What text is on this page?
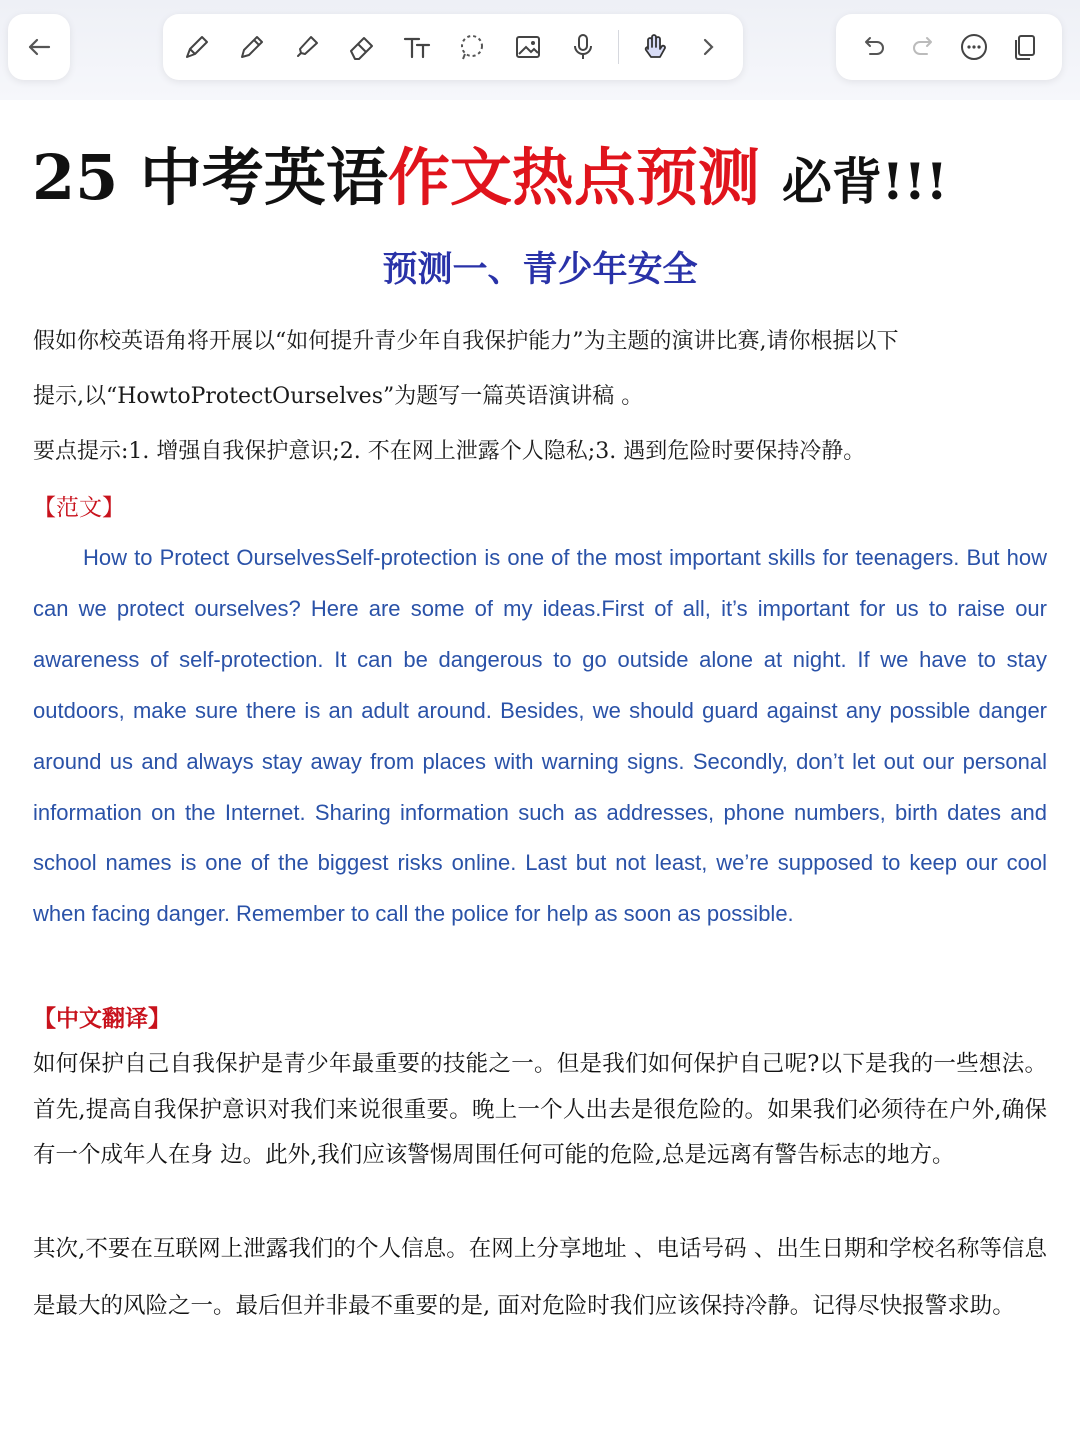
25 中考英语作文热点预测 必背!!!
预测一、青少年安全
假如你校英语角将开展以“如何提升青少年自我保护能力”为主题的演讲比赛,请你根据以下
提示,以“HowtoProtectOurselves”为题写一篇英语演讲稿 。
要点提示:1. 增强自我保护意识;2. 不在网上泄露个人隐私;3. 遇到危险时要保持冷静。
【范文】

How to Protect OurselvesSelf-protection is one of the most important skills for teenagers. But how can we protect ourselves? Here are some of my ideas.First of all, it’s important for us to raise our awareness of self-protection. It can be dangerous to go outside alone at night. If we have to stay outdoors, make sure there is an adult around. Besides, we should guard against any possible danger around us and always stay away from places with warning signs. Secondly, don’t let out our personal information on the Internet. Sharing information such as addresses, phone numbers, birth dates and school names is one of the biggest risks online. Last but not least, we’re supposed to keep our cool when facing danger. Remember to call the police for help as soon as possible.

【中文翻译】

如何保护自己自我保护是青少年最重要的技能之一。但是我们如何保护自己呢?以下是我的一些想法。首先,提高自我保护意识对我们来说很重要。晚上一个人出去是很危险的。如果我们必须待在户外,确保有一个成年人在身 边。此外,我们应该警惕周围任何可能的危险,总是远离有警告标志的地方。

其次,不要在互联网上泄露我们的个人信息。在网上分享地址 、电话号码 、出生日期和学校名称等信息是最大的风险之一。最后但并非最不重要的是, 面对危险时我们应该保持冷静。记得尽快报警求助。
